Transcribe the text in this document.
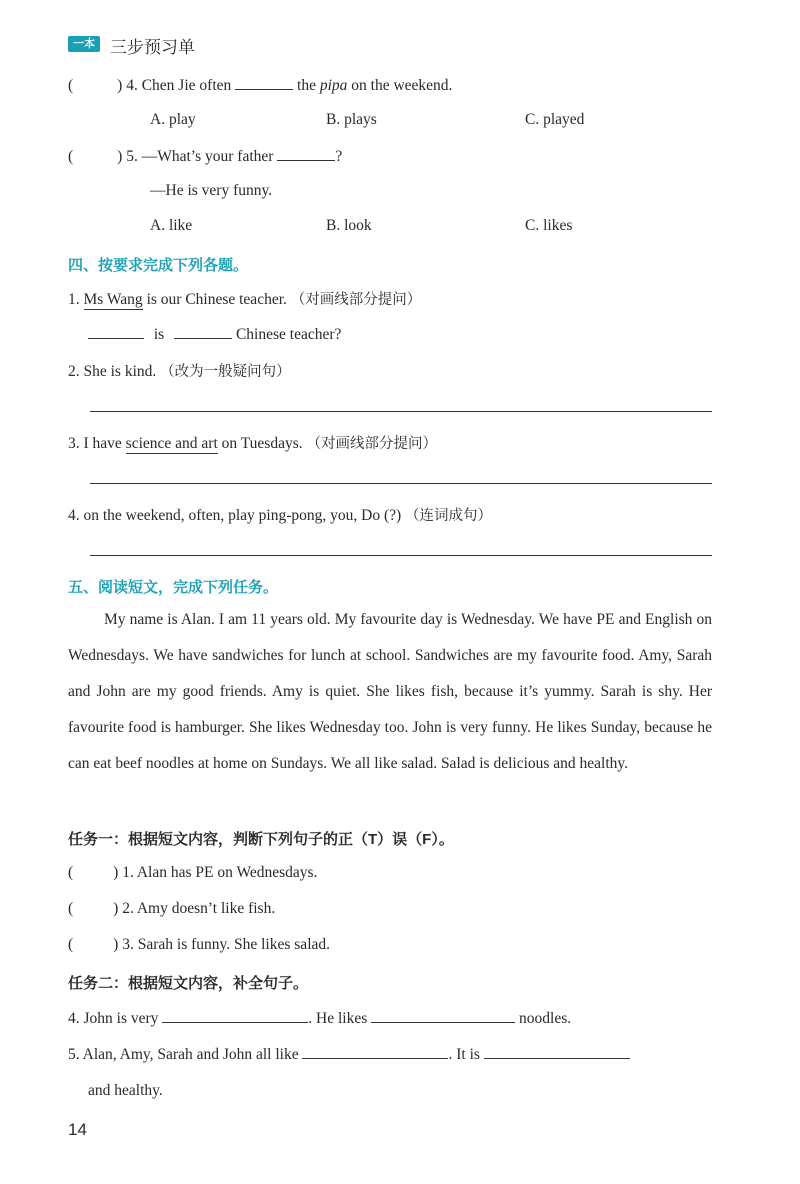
一本 三步预习单
(	) 4. Chen Jie often	the pipa on the weekend.
A. play	B. plays	C. played
(	) 5. —What’s your father	?
—He is very funny.
A. like	B. look	C. likes
四、按要求完成下列各题。
1. Ms Wang is our Chinese teacher. （对画线部分提问）
is	Chinese teacher?
2. She is kind. （改为一般疑问句）
3. I have science and art on Tuesdays. （对画线部分提问）
4. on the weekend, often, play ping-pong, you, Do (?) （连词成句）
五、阅读短文，完成下列任务。

My name is Alan. I am 11 years old. My favourite day is Wednesday. We have PE and English on Wednesdays. We have sandwiches for lunch at school. Sandwiches are my favourite food. Amy, Sarah and John are my good friends. Amy is quiet. She likes fish, because it’s yummy. Sarah is shy. Her favourite food is hamburger. She likes Wednesday too. John is very funny. He likes Sunday, because he can eat beef noodles at home on Sundays. We all like salad. Salad is delicious and healthy.

任务一：根据短文内容，判断下列句子的正（T）误（F）。
(	) 1. Alan has PE on Wednesdays.
(	) 2. Amy doesn’t like fish.
(	) 3. Sarah is funny. She likes salad.
任务二：根据短文内容，补全句子。
4. John is very	. He likes	noodles.
5. Alan, Amy, Sarah and John all like	. It is
and healthy.
14
